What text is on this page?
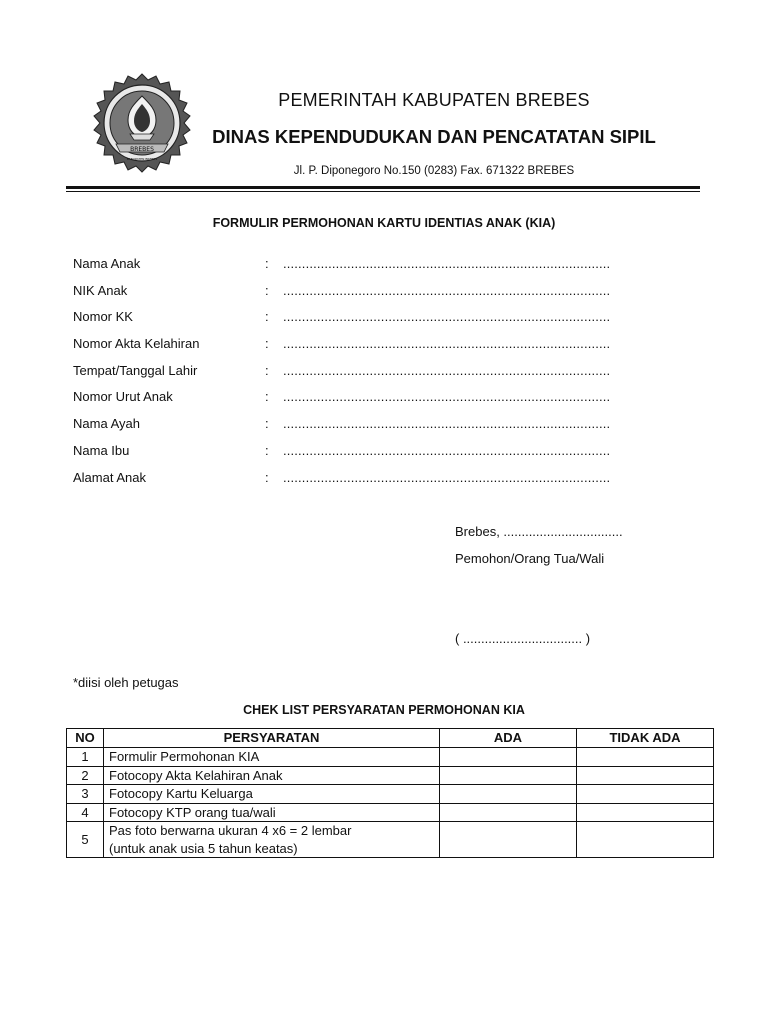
BREBES
KABUPATEN BREBES
PEMERINTAH KABUPATEN BREBES
DINAS KEPENDUDUKAN DAN PENCATATAN SIPIL
Jl. P. Diponegoro No.150 (0283) Fax. 671322 BREBES
FORMULIR PERMOHONAN KARTU IDENTIAS ANAK (KIA)
Nama Anak	: .......................................................................................
NIK Anak	: .......................................................................................
Nomor KK	: .......................................................................................
Nomor Akta Kelahiran	: .......................................................................................
Tempat/Tanggal Lahir	: .......................................................................................
Nomor Urut Anak	: .......................................................................................
Nama Ayah	: .......................................................................................
Nama Ibu	: .......................................................................................
Alamat Anak	: .......................................................................................
Brebes, .................................
Pemohon/Orang Tua/Wali
( ................................. )
*diisi oleh petugas
CHEK LIST PERSYARATAN PERMOHONAN KIA
NO	PERSYARATAN	ADA	TIDAK ADA
1	Formulir Permohonan KIA		
2	Fotocopy Akta Kelahiran Anak		
3	Fotocopy Kartu Keluarga		
4	Fotocopy KTP orang tua/wali		
5	Pas foto berwarna ukuran 4 x6 = 2 lembar
(untuk anak usia 5 tahun keatas)		
